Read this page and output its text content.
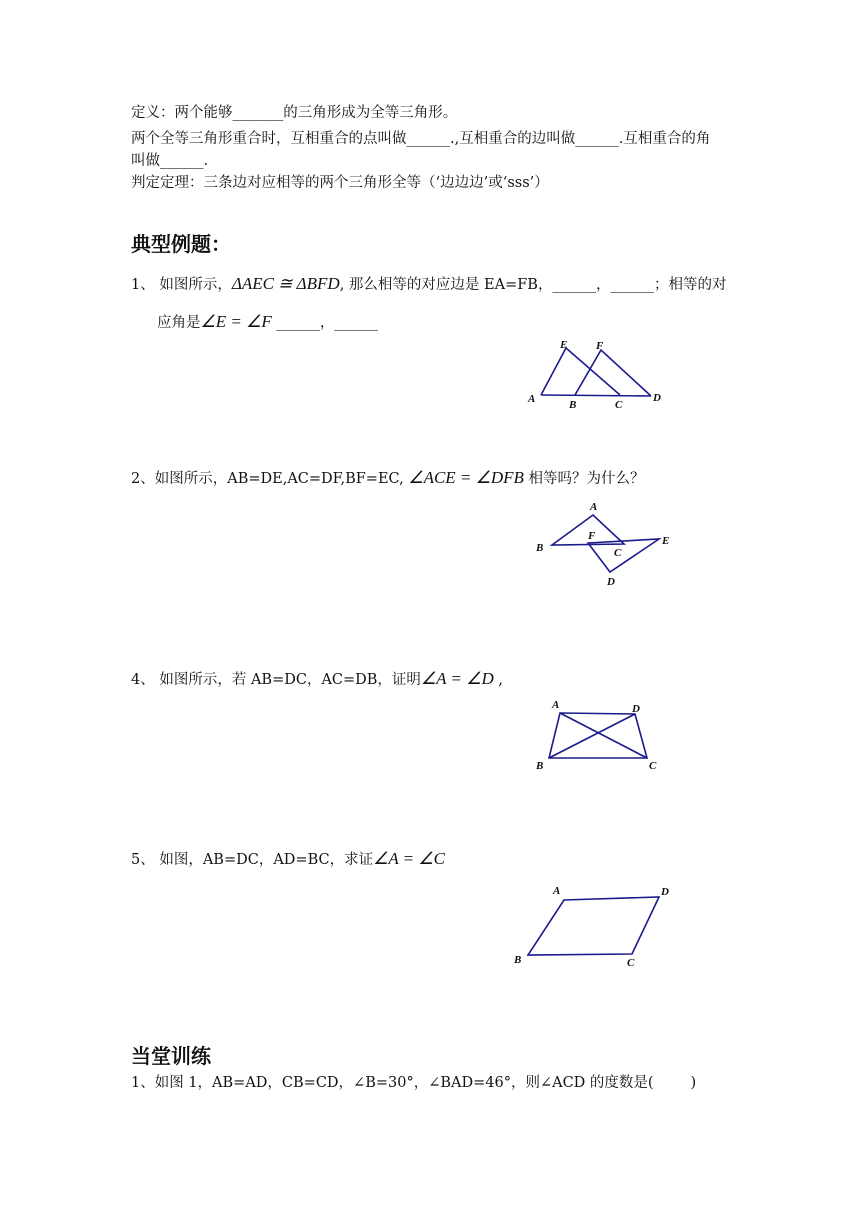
定义：两个能够_______的三角形成为全等三角形。
两个全等三角形重合时，互相重合的点叫做______.,互相重合的边叫做______.互相重合的角
叫做______.
判定定理：三条边对应相等的两个三角形全等（‘边边边’或‘sss’）
典型例题：
1、 如图所示，ΔAEC ≅ ΔBFD, 那么相等的对应边是 EA=FB，______，______；相等的对
应角是∠E = ∠F ______，______
E	F
A	B	C
D
2、如图所示，AB=DE,AC=DF,BF=EC, ∠ACE = ∠DFB 相等吗？为什么？
A
B
F
C
E
D
4、 如图所示，若 AB=DC，AC=DB，证明∠A = ∠D ,
A	D
B	C
5、 如图，AB=DC，AD=BC，求证∠A = ∠C
A	D
B	C
当堂训练
1、如图 1，AB=AD，CB=CD，∠B=30°，∠BAD=46°，则∠ACD 的度数是(        )
